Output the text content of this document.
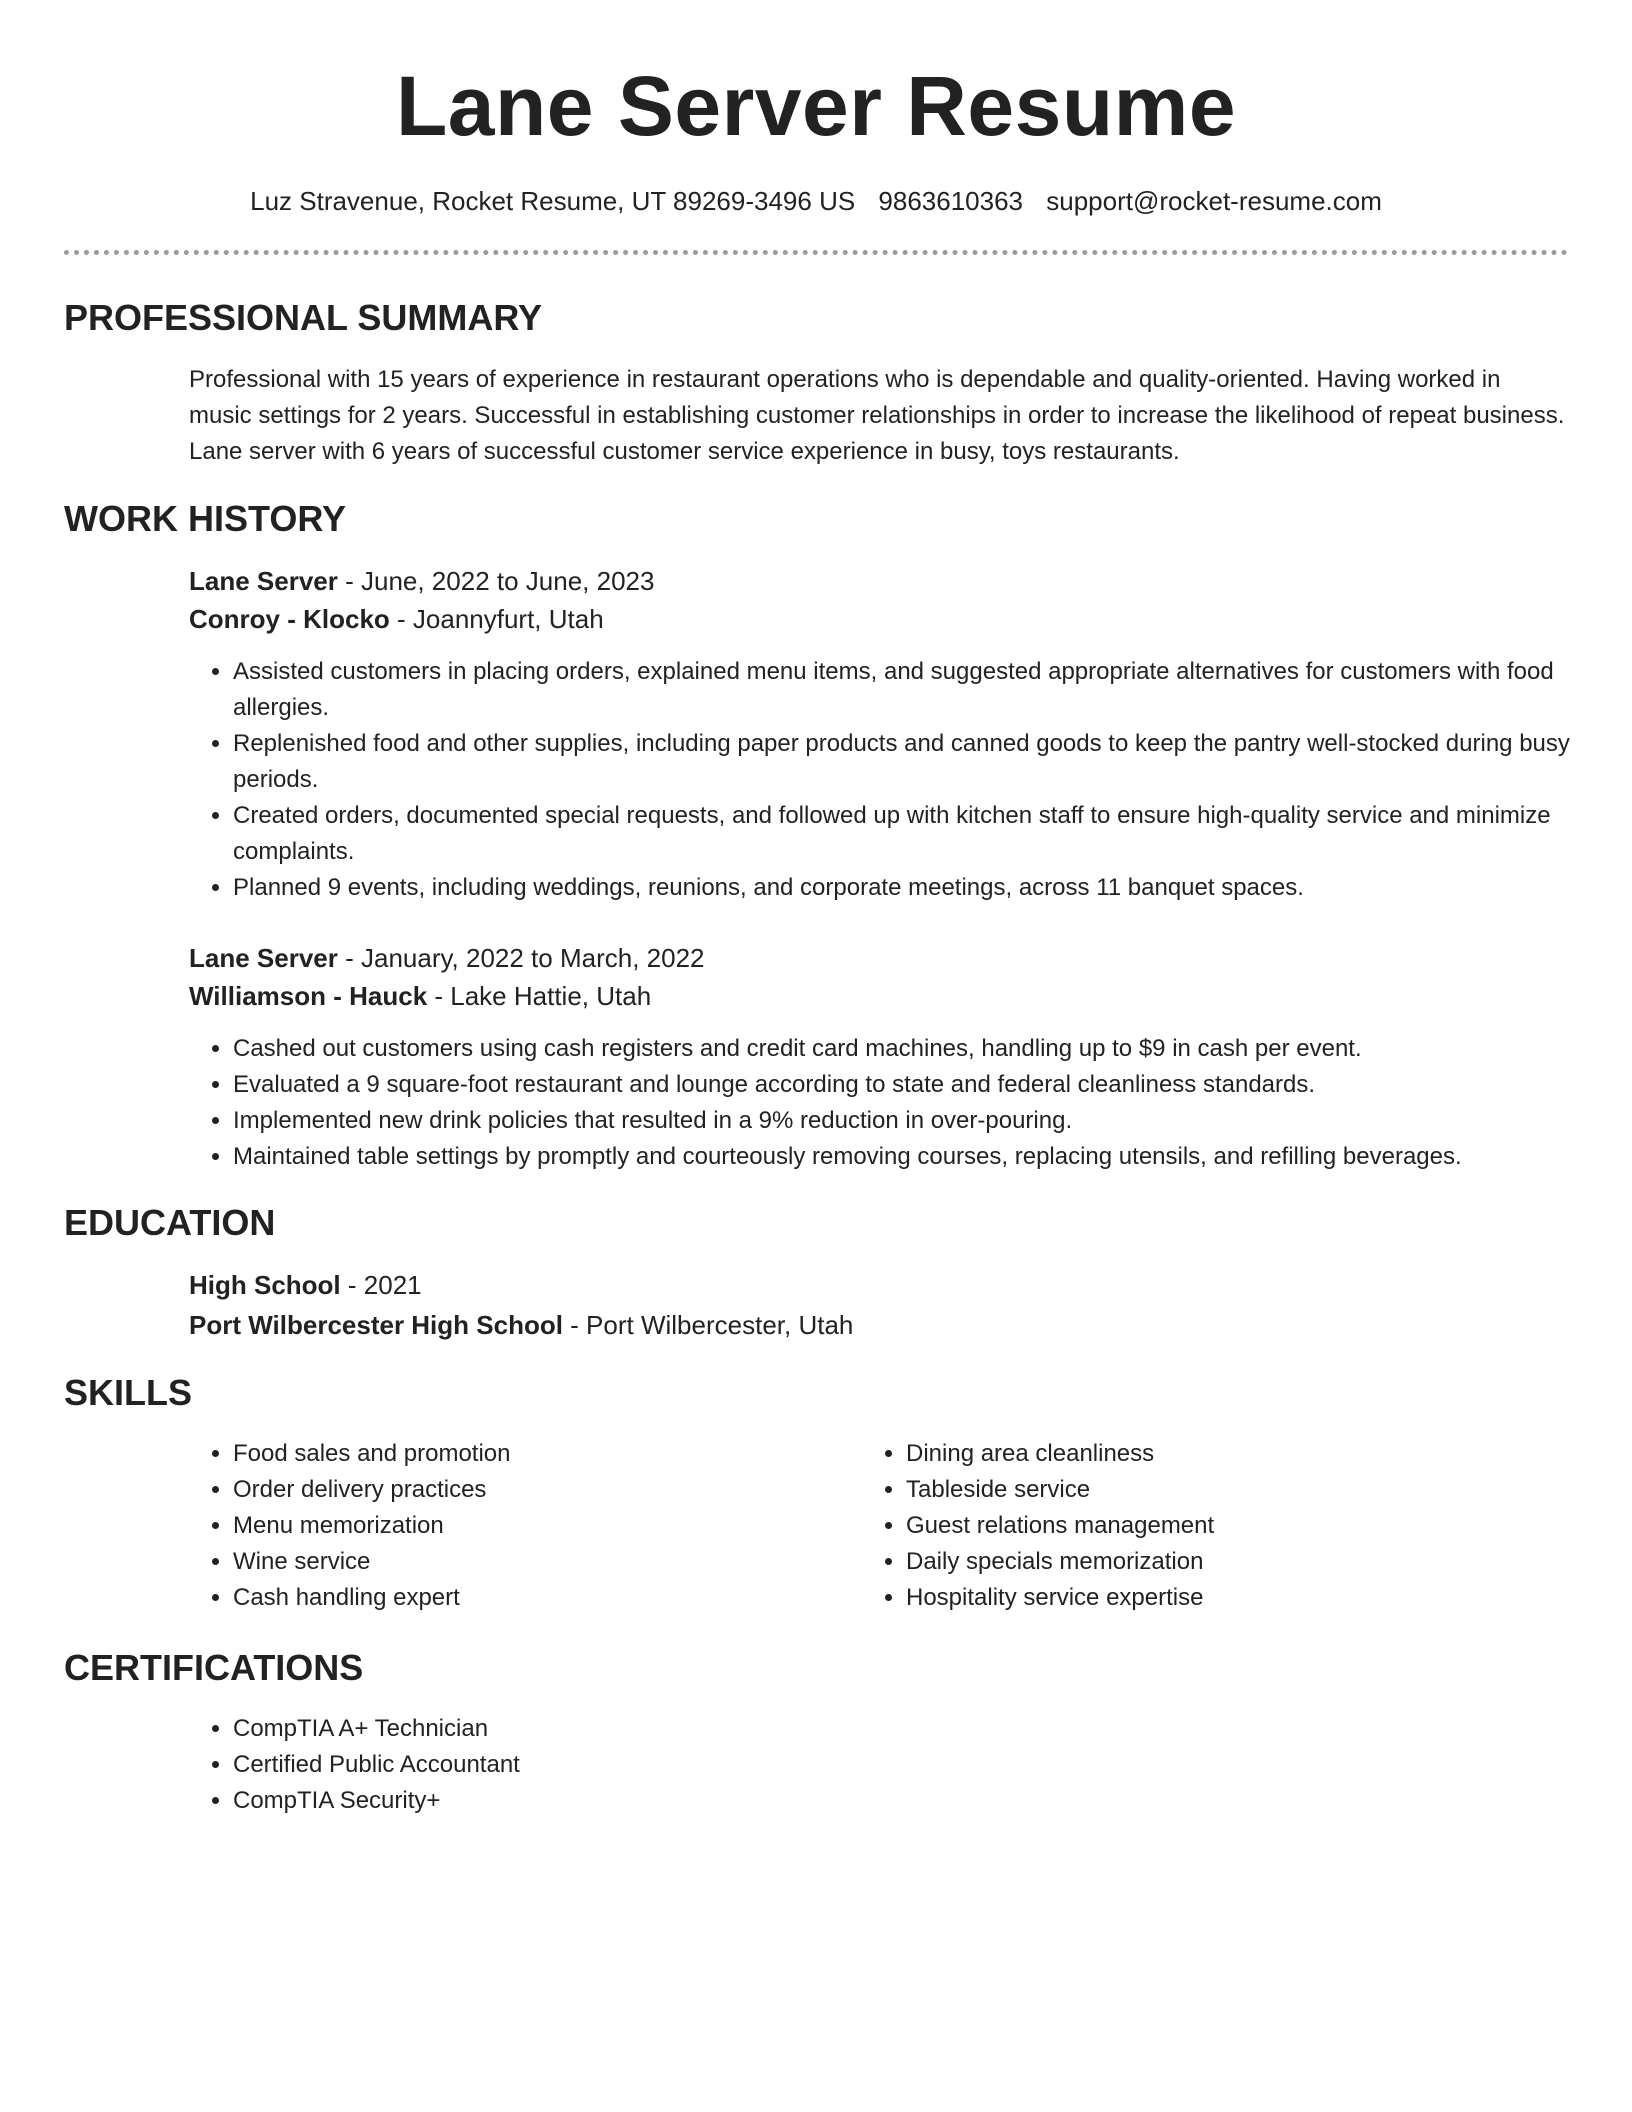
Lane Server Resume
Luz Stravenue, Rocket Resume, UT 89269-3496 US 9863610363 support@rocket-resume.com
PROFESSIONAL SUMMARY

Professional with 15 years of experience in restaurant operations who is dependable and quality-oriented. Having worked in music settings for 2 years. Successful in establishing customer relationships in order to increase the likelihood of repeat business. Lane server with 6 years of successful customer service experience in busy, toys restaurants.

WORK HISTORY
Lane Server - June, 2022 to June, 2023
Conroy - Klocko - Joannyfurt, Utah
• Assisted customers in placing orders, explained menu items, and suggested appropriate alternatives for customers with food allergies.
• Replenished food and other supplies, including paper products and canned goods to keep the pantry well-stocked during busy periods.
• Created orders, documented special requests, and followed up with kitchen staff to ensure high-quality service and minimize complaints.
• Planned 9 events, including weddings, reunions, and corporate meetings, across 11 banquet spaces.
Lane Server - January, 2022 to March, 2022
Williamson - Hauck - Lake Hattie, Utah
• Cashed out customers using cash registers and credit card machines, handling up to $9 in cash per event.
• Evaluated a 9 square-foot restaurant and lounge according to state and federal cleanliness standards.
• Implemented new drink policies that resulted in a 9% reduction in over-pouring.
• Maintained table settings by promptly and courteously removing courses, replacing utensils, and refilling beverages.
EDUCATION
High School - 2021
Port Wilbercester High School - Port Wilbercester, Utah
SKILLS
• Food sales and promotion
• Order delivery practices
• Menu memorization
• Wine service
• Cash handling expert
• Dining area cleanliness
• Tableside service
• Guest relations management
• Daily specials memorization
• Hospitality service expertise
CERTIFICATIONS
• CompTIA A+ Technician
• Certified Public Accountant
• CompTIA Security+
